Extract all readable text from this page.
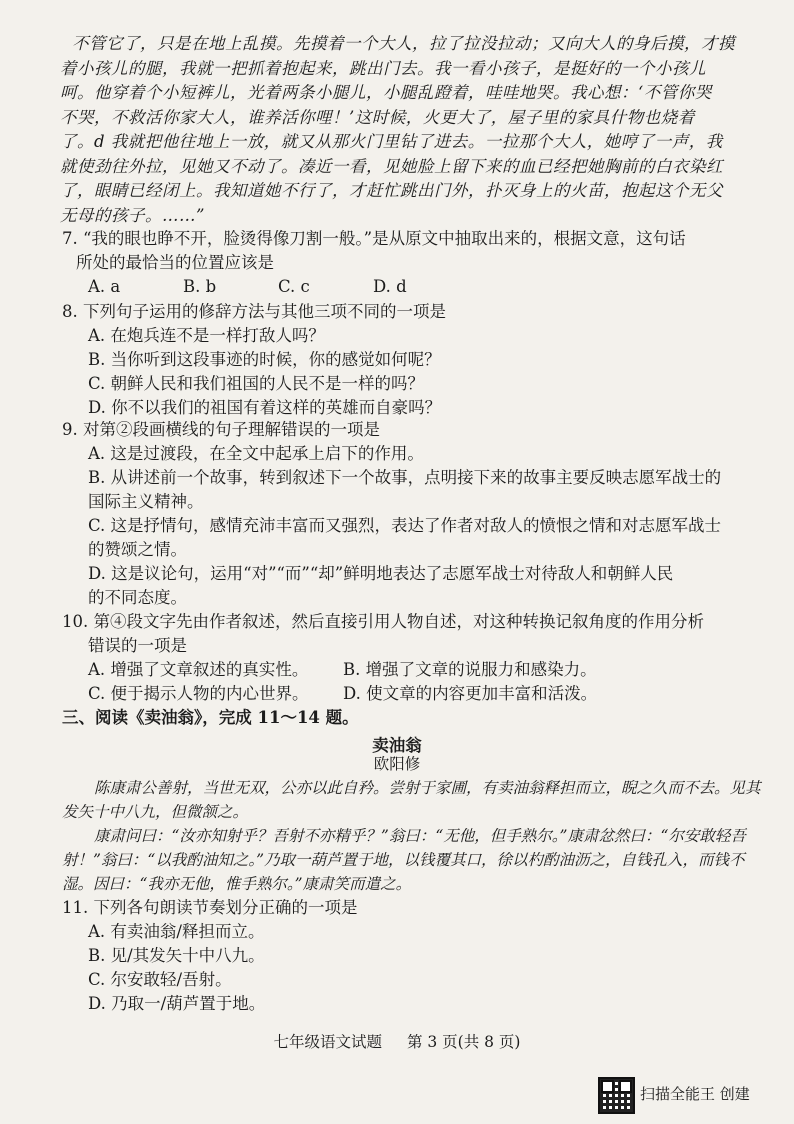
不管它了，只是在地上乱摸。先摸着一个大人，拉了拉没拉动；又向大人的身后摸，才摸

着小孩儿的腿，我就一把抓着抱起来，跳出门去。我一看小孩子，是挺好的一个小孩儿

呵。他穿着个小短裤儿，光着两条小腿儿，小腿乱蹬着，哇哇地哭。我心想：‘不管你哭

不哭，不救活你家大人，谁养活你哩！’这时候，火更大了，屋子里的家具什物也烧着

了。d 我就把他往地上一放，就又从那火门里钻了进去。一拉那个大人，她哼了一声，我

就使劲往外拉，见她又不动了。凑近一看，见她脸上留下来的血已经把她胸前的白衣染红

了，眼睛已经闭上。我知道她不行了，才赶忙跳出门外，扑灭身上的火苗，抱起这个无父

无母的孩子。……”

7. “我的眼也睁不开，脸烫得像刀割一般。”是从原文中抽取出来的，根据文意，这句话

所处的最恰当的位置应该是

A. a	B. b	C. c	D. d

8. 下列句子运用的修辞方法与其他三项不同的一项是

A. 在炮兵连不是一样打敌人吗？

B. 当你听到这段事迹的时候，你的感觉如何呢？

C. 朝鲜人民和我们祖国的人民不是一样的吗？

D. 你不以我们的祖国有着这样的英雄而自豪吗？

9. 对第②段画横线的句子理解错误的一项是

A. 这是过渡段，在全文中起承上启下的作用。

B. 从讲述前一个故事，转到叙述下一个故事，点明接下来的故事主要反映志愿军战士的

国际主义精神。

C. 这是抒情句，感情充沛丰富而又强烈，表达了作者对敌人的愤恨之情和对志愿军战士

的赞颂之情。

D. 这是议论句，运用“对”“而”“却”鲜明地表达了志愿军战士对待敌人和朝鲜人民

的不同态度。

10. 第④段文字先由作者叙述，然后直接引用人物自述，对这种转换记叙角度的作用分析

错误的一项是

A. 增强了文章叙述的真实性。	B. 增强了文章的说服力和感染力。
C. 便于揭示人物的内心世界。	D. 使文章的内容更加丰富和活泼。
三、阅读《卖油翁》，完成 11～14 题。
卖油翁
欧阳修

陈康肃公善射，当世无双，公亦以此自矜。尝射于家圃，有卖油翁释担而立，睨之久而不去。见其发矢十中八九，但微颔之。

康肃问曰：“汝亦知射乎？吾射不亦精乎？”翁曰：“无他，但手熟尔。”康肃忿然曰：“尔安敢轻吾射！”翁曰：“以我酌油知之。”乃取一葫芦置于地，以钱覆其口，徐以杓酌油沥之，自钱孔入，而钱不湿。因曰：“我亦无他，惟手熟尔。”康肃笑而遣之。

11. 下列各句朗读节奏划分正确的一项是

A. 有卖油翁/释担而立。

B. 见/其发矢十中八九。

C. 尔安敢轻/吾射。

D. 乃取一/葫芦置于地。

七年级语文试题 第 3 页(共 8 页)
扫描全能王 创建
